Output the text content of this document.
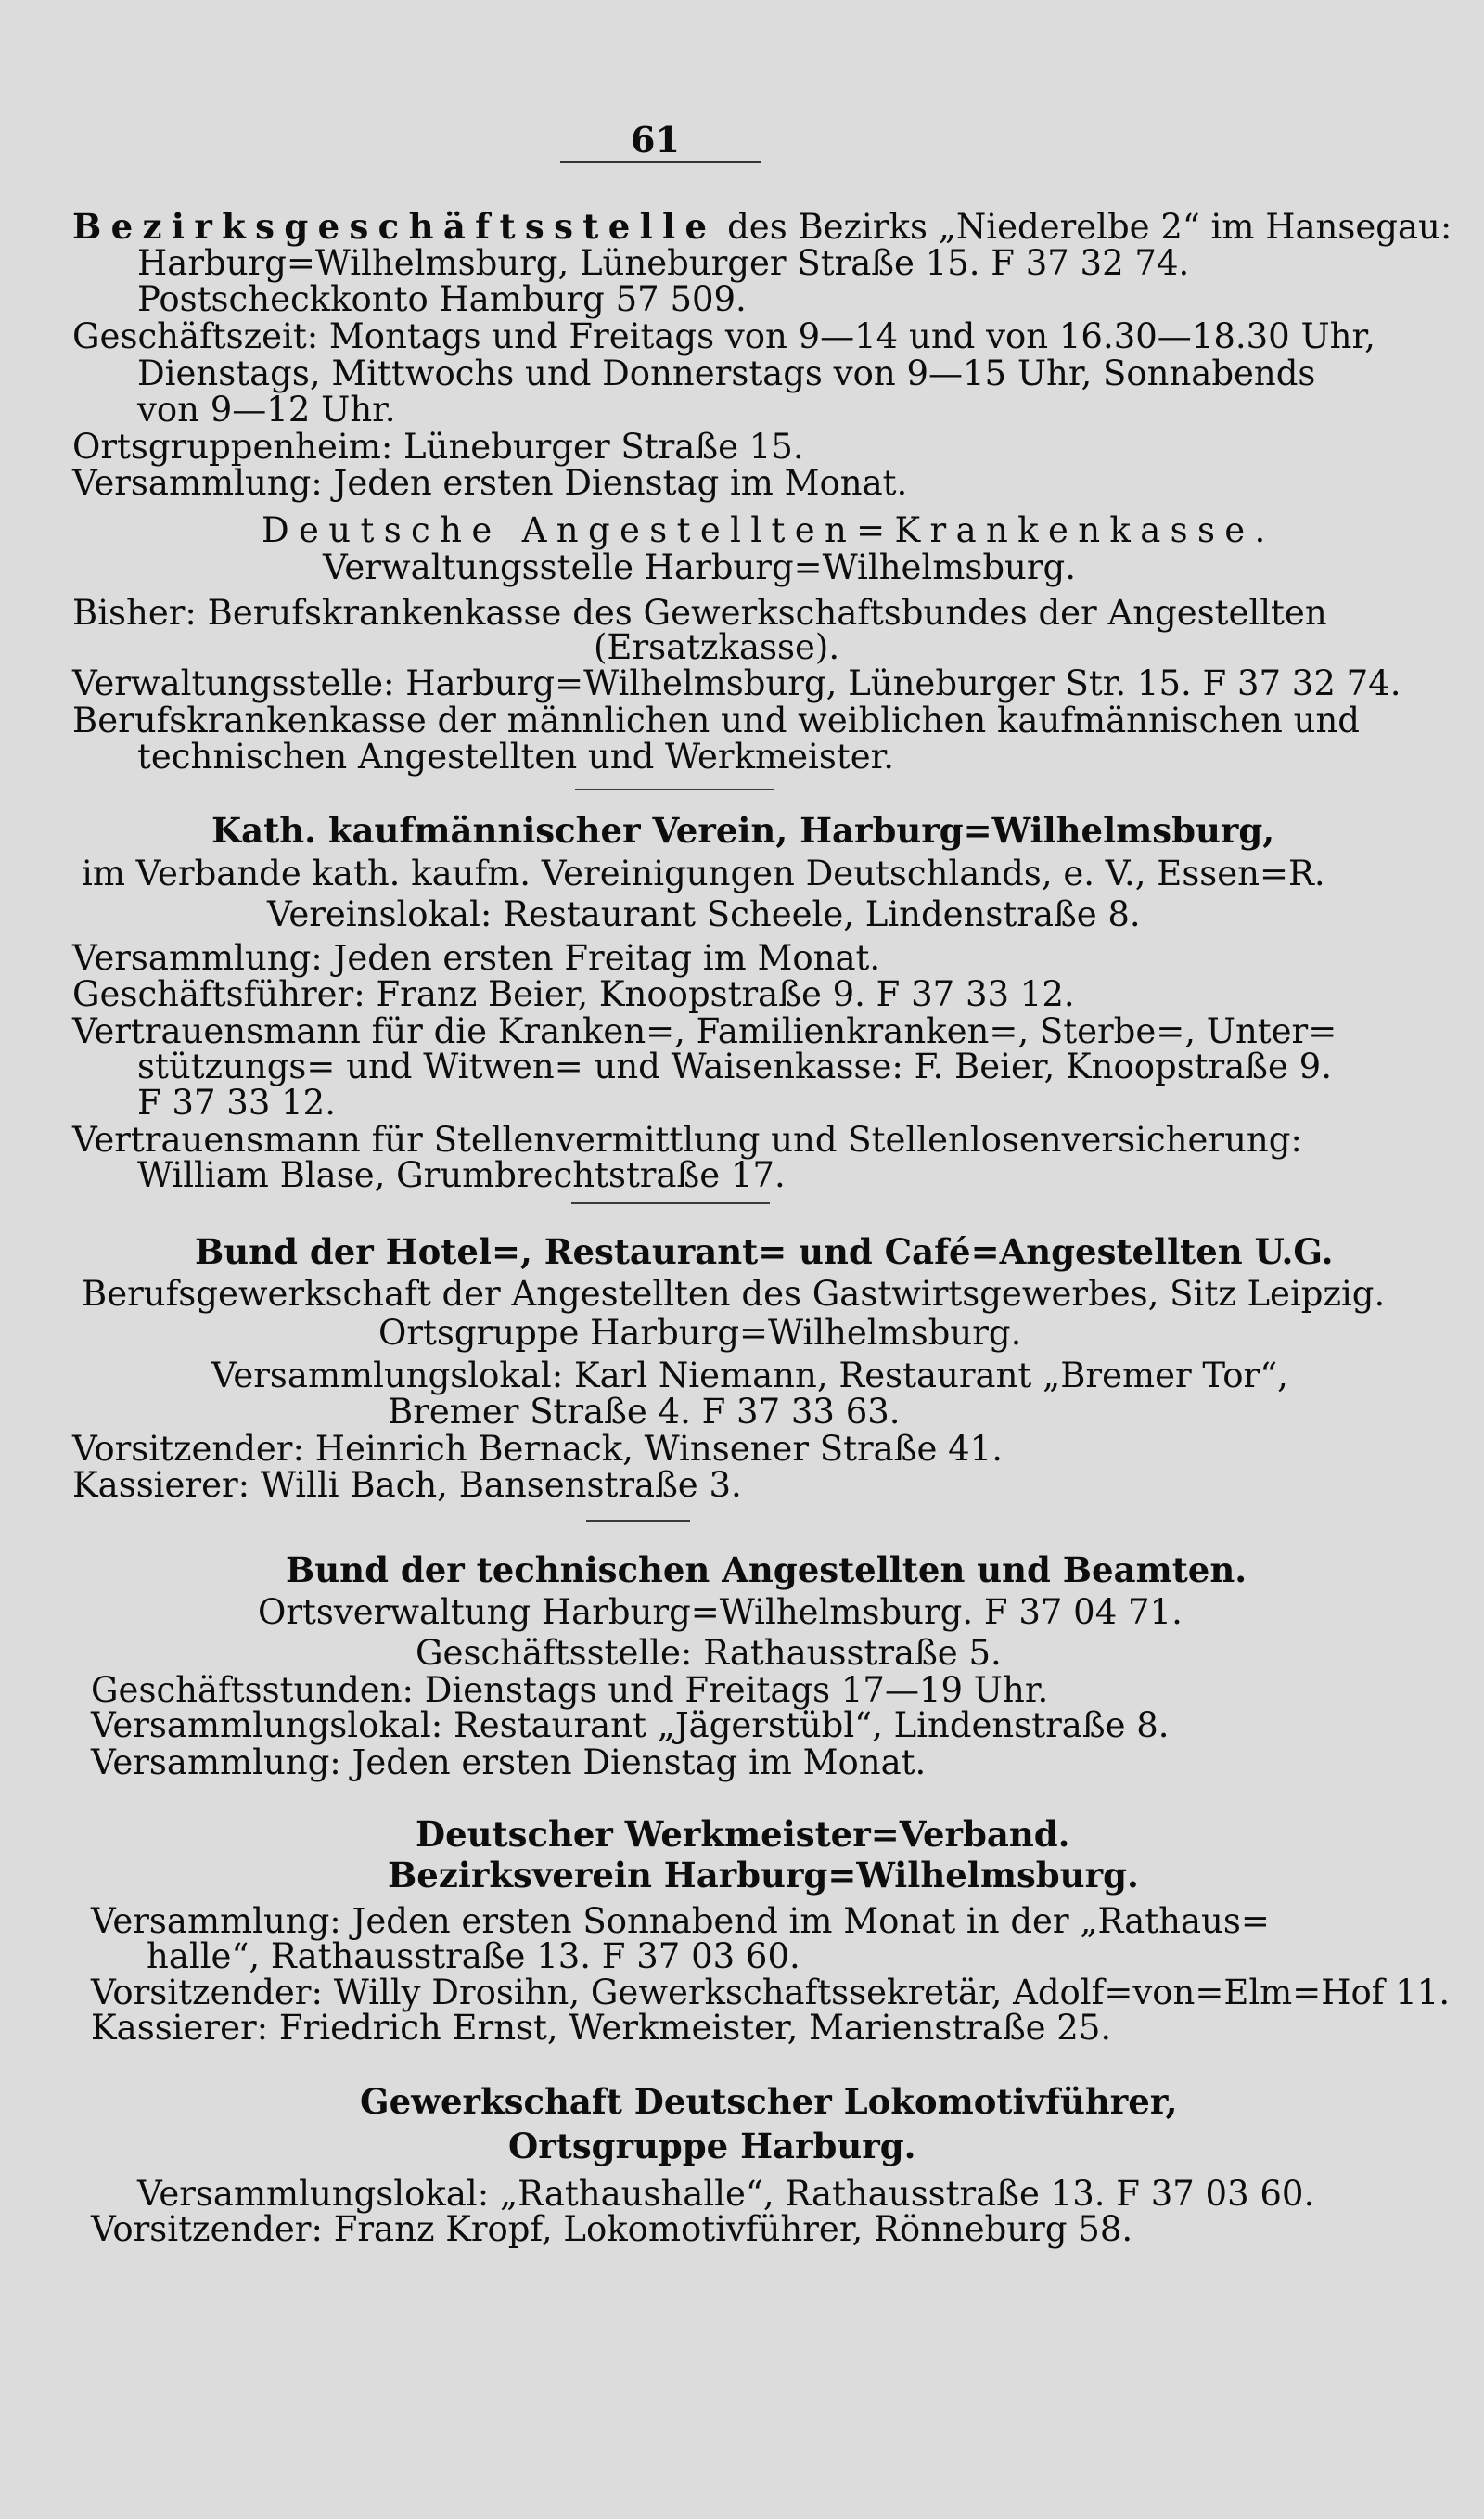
61
Bezirksgeschäftsstelle des Bezirks „Niederelbe 2“ im Hansegau:
Harburg=Wilhelmsburg, Lüneburger Straße 15. F 37 32 74.
Postscheckkonto Hamburg 57 509.
Geschäftszeit: Montags und Freitags von 9—14 und von 16.30—18.30 Uhr,
Dienstags, Mittwochs und Donnerstags von 9—15 Uhr, Sonnabends
von 9—12 Uhr.
Ortsgruppenheim: Lüneburger Straße 15.
Versammlung: Jeden ersten Dienstag im Monat.
Deutsche Angestellten=Krankenkasse.
Verwaltungsstelle Harburg=Wilhelmsburg.
Bisher: Berufskrankenkasse des Gewerkschaftsbundes der Angestellten
(Ersatzkasse).
Verwaltungsstelle: Harburg=Wilhelmsburg, Lüneburger Str. 15. F 37 32 74.
Berufskrankenkasse der männlichen und weiblichen kaufmännischen und
technischen Angestellten und Werkmeister.
Kath. kaufmännischer Verein, Harburg=Wilhelmsburg,
im Verbande kath. kaufm. Vereinigungen Deutschlands, e. V., Essen=R.
Vereinslokal: Restaurant Scheele, Lindenstraße 8.
Versammlung: Jeden ersten Freitag im Monat.
Geschäftsführer: Franz Beier, Knoopstraße 9. F 37 33 12.
Vertrauensmann für die Kranken=, Familienkranken=, Sterbe=, Unter=
stützungs= und Witwen= und Waisenkasse: F. Beier, Knoopstraße 9.
F 37 33 12.
Vertrauensmann für Stellenvermittlung und Stellenlosenversicherung:
William Blase, Grumbrechtstraße 17.
Bund der Hotel=, Restaurant= und Café=Angestellten U.G.
Berufsgewerkschaft der Angestellten des Gastwirtsgewerbes, Sitz Leipzig.
Ortsgruppe Harburg=Wilhelmsburg.
Versammlungslokal: Karl Niemann, Restaurant „Bremer Tor“,
Bremer Straße 4. F 37 33 63.
Vorsitzender: Heinrich Bernack, Winsener Straße 41.
Kassierer: Willi Bach, Bansenstraße 3.
Bund der technischen Angestellten und Beamten.
Ortsverwaltung Harburg=Wilhelmsburg. F 37 04 71.
Geschäftsstelle: Rathausstraße 5.
Geschäftsstunden: Dienstags und Freitags 17—19 Uhr.
Versammlungslokal: Restaurant „Jägerstübl“, Lindenstraße 8.
Versammlung: Jeden ersten Dienstag im Monat.
Deutscher Werkmeister=Verband.
Bezirksverein Harburg=Wilhelmsburg.
Versammlung: Jeden ersten Sonnabend im Monat in der „Rathaus=
halle“, Rathausstraße 13. F 37 03 60.
Vorsitzender: Willy Drosihn, Gewerkschaftssekretär, Adolf=von=Elm=Hof 11.
Kassierer: Friedrich Ernst, Werkmeister, Marienstraße 25.
Gewerkschaft Deutscher Lokomotivführer,
Ortsgruppe Harburg.
Versammlungslokal: „Rathaushalle“, Rathausstraße 13. F 37 03 60.
Vorsitzender: Franz Kropf, Lokomotivführer, Rönneburg 58.
